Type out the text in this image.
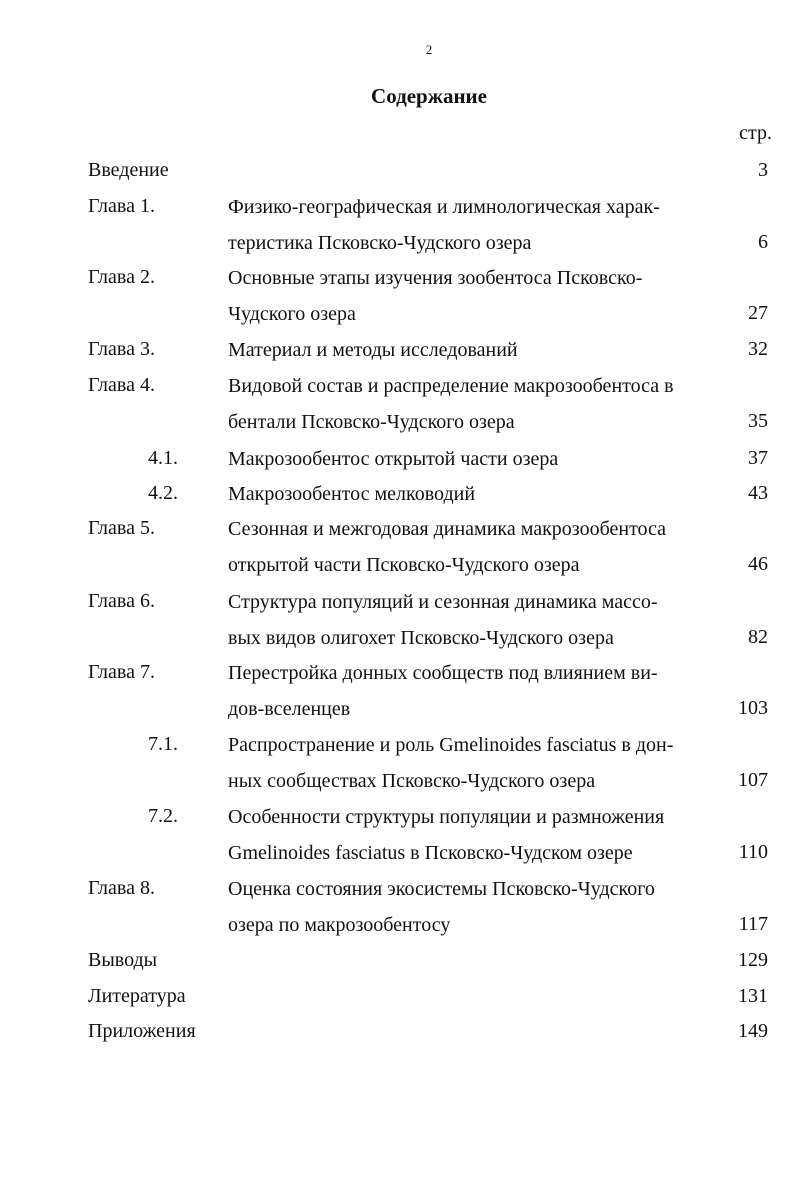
2
Содержание
стр.
Введение	3
Глава 1.	Физико-географическая и лимнологическая харак-
теристика Псковско-Чудского озера	6
Глава 2.	Основные этапы изучения зообентоса Псковско-
Чудского озера	27
Глава 3.	Материал и методы исследований	32
Глава 4.	Видовой состав и распределение макрозообентоса в
бентали Псковско-Чудского озера	35
4.1.	Макрозообентос открытой части озера	37
4.2.	Макрозообентос мелководий	43
Глава 5.	Сезонная и межгодовая динамика макрозообентоса
открытой части Псковско-Чудского озера	46
Глава 6.	Структура популяций и сезонная динамика массо-
вых видов олигохет Псковско-Чудского озера	82
Глава 7.	Перестройка донных сообществ под влиянием ви-
дов-вселенцев	103
7.1.	Распространение и роль Gmelinoides fasciatus в дон-
ных сообществах Псковско-Чудского озера	107
7.2.	Особенности структуры популяции и размножения
Gmelinoides fasciatus в Псковско-Чудском озере	110
Глава 8.	Оценка состояния экосистемы Псковско-Чудского
озера по макрозообентосу	117
Выводы	129
Литература	131
Приложения	149
